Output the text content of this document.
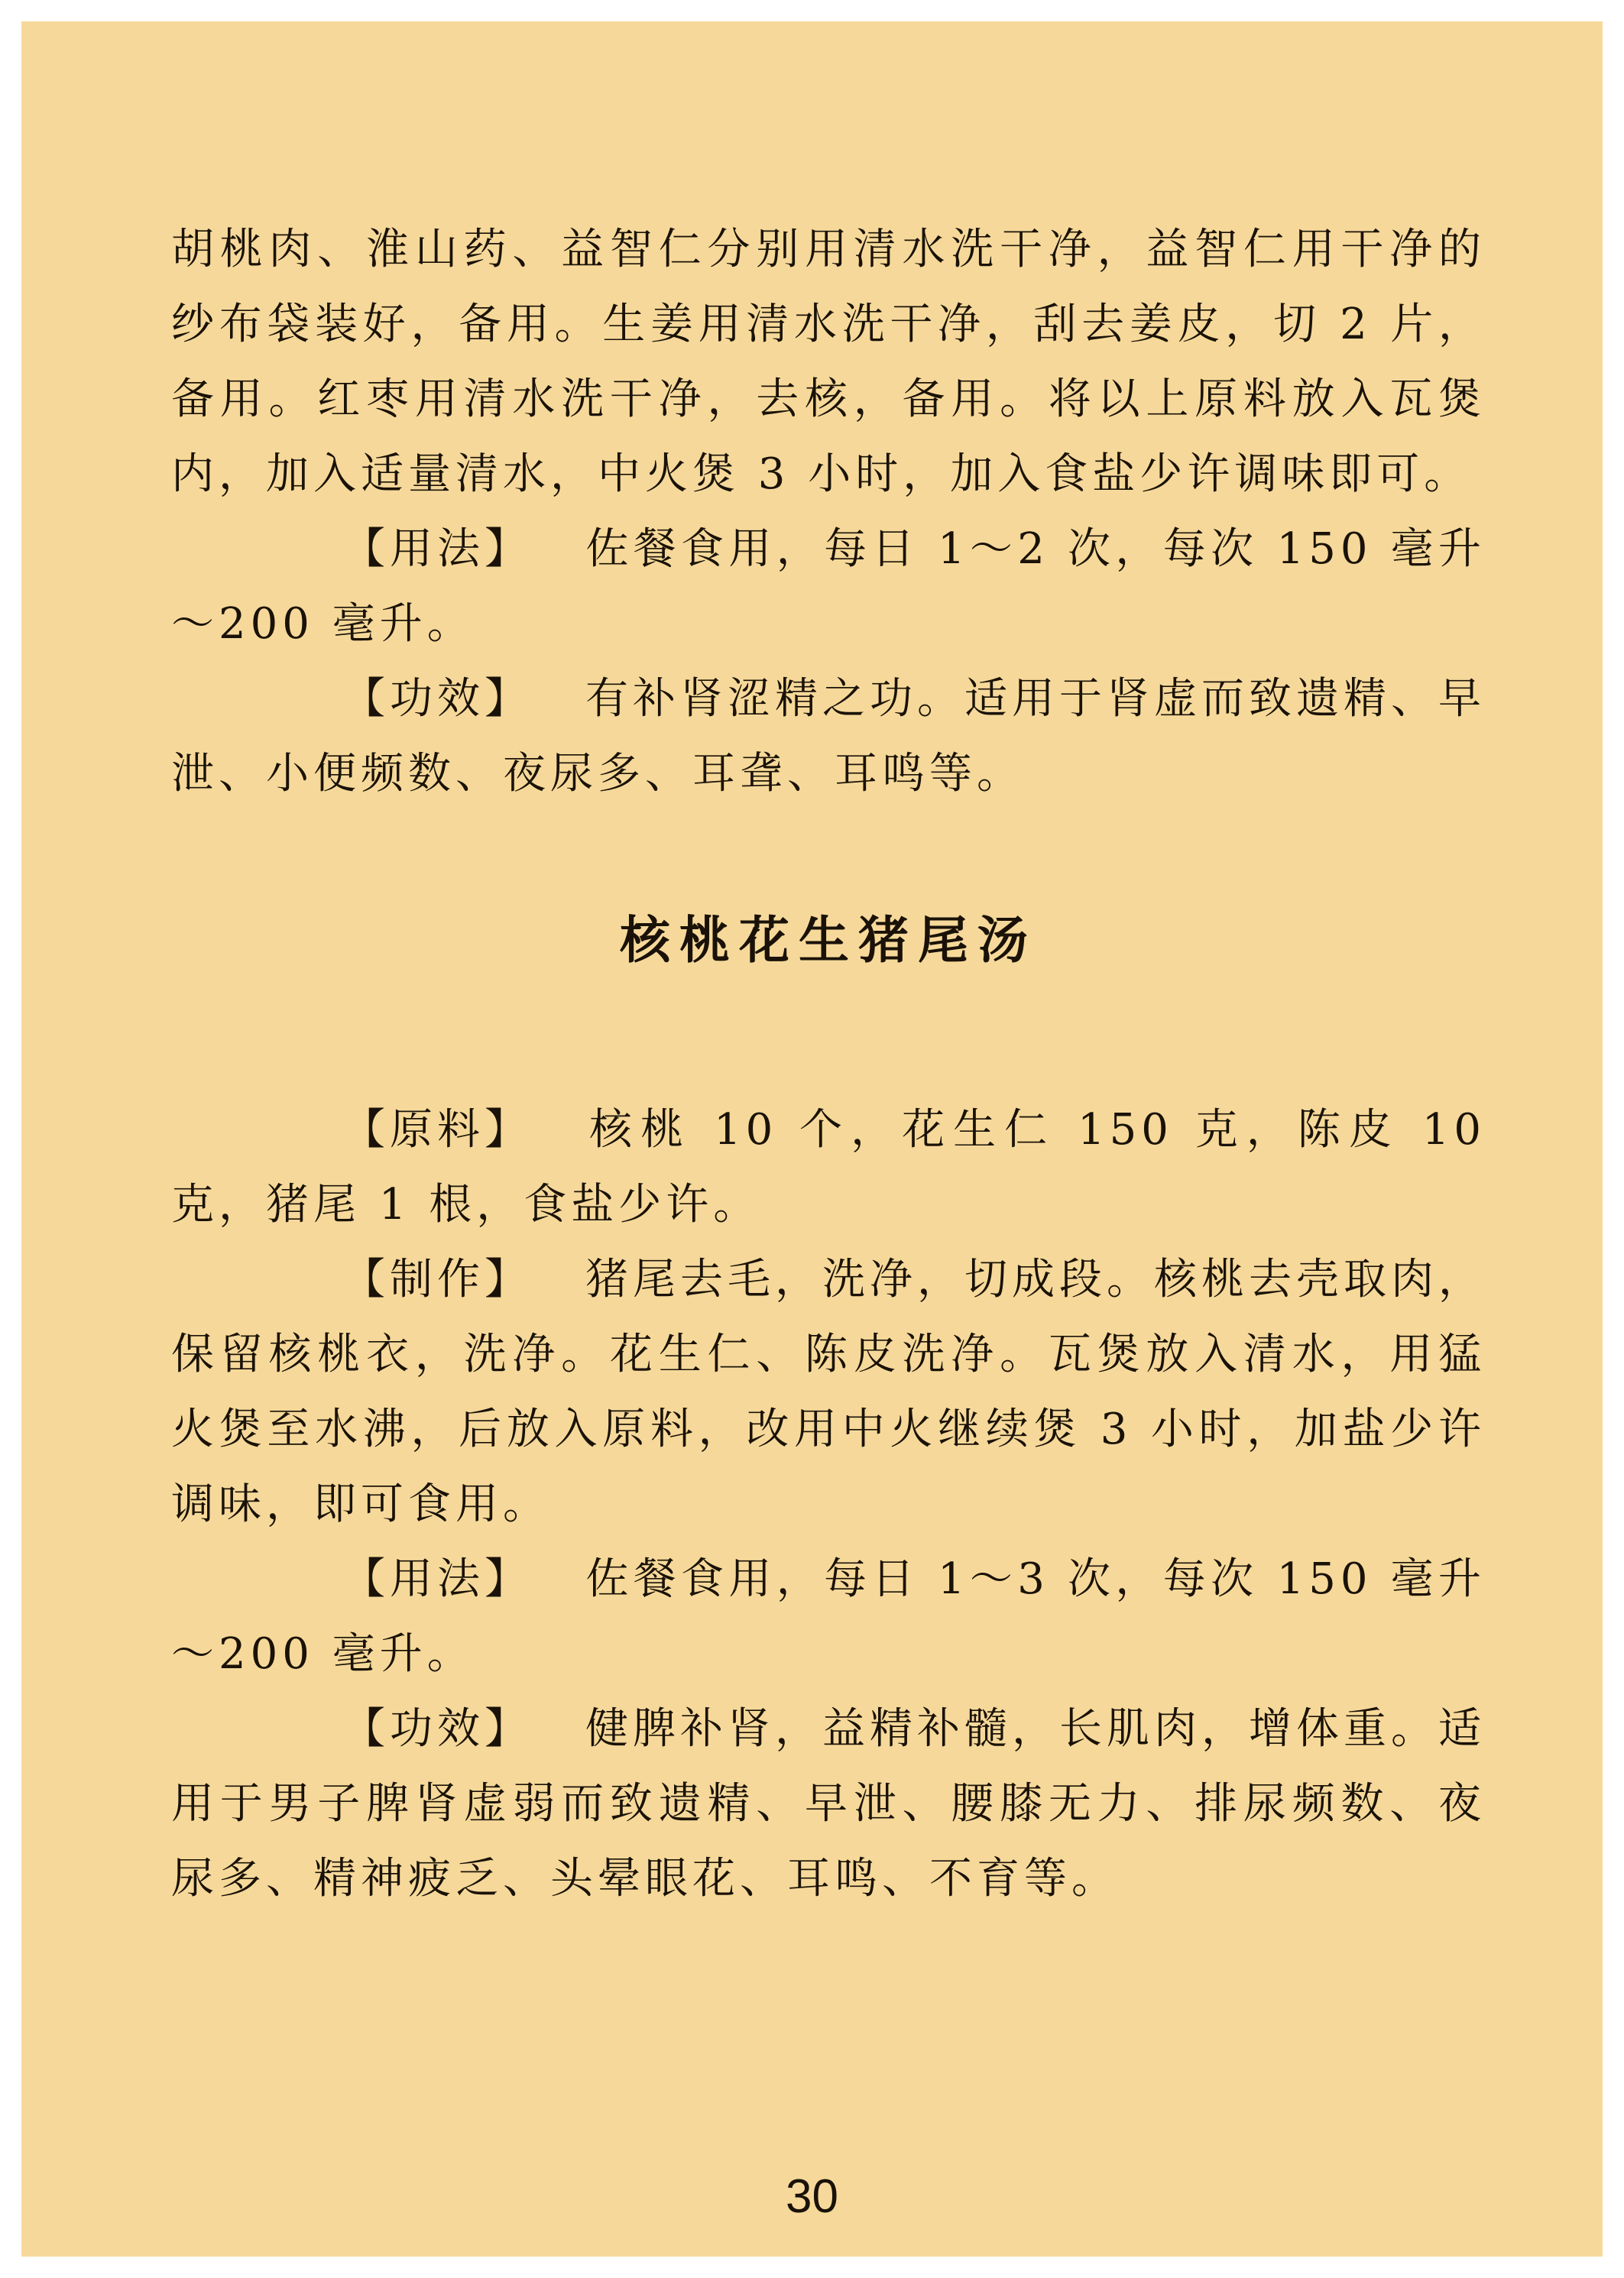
胡桃肉、淮山药、益智仁分别用清水洗干净，益智仁用干净的纱布袋装好，备用。生姜用清水洗干净，刮去姜皮，切 2 片，备用。红枣用清水洗干净，去核，备用。将以上原料放入瓦煲内，加入适量清水，中火煲 3 小时，加入食盐少许调味即可。

【用法】 佐餐食用，每日 1～2 次，每次 150 毫升～200 毫升。

【功效】 有补肾涩精之功。适用于肾虚而致遗精、早泄、小便频数、夜尿多、耳聋、耳鸣等。

核桃花生猪尾汤

【原料】 核桃 10 个，花生仁 150 克，陈皮 10 克，猪尾 1 根，食盐少许。

【制作】 猪尾去毛，洗净，切成段。核桃去壳取肉，保留核桃衣，洗净。花生仁、陈皮洗净。瓦煲放入清水，用猛火煲至水沸，后放入原料，改用中火继续煲 3 小时，加盐少许调味，即可食用。

【用法】 佐餐食用，每日 1～3 次，每次 150 毫升～200 毫升。

【功效】 健脾补肾，益精补髓，长肌肉，增体重。适用于男子脾肾虚弱而致遗精、早泄、腰膝无力、排尿频数、夜尿多、精神疲乏、头晕眼花、耳鸣、不育等。

30
